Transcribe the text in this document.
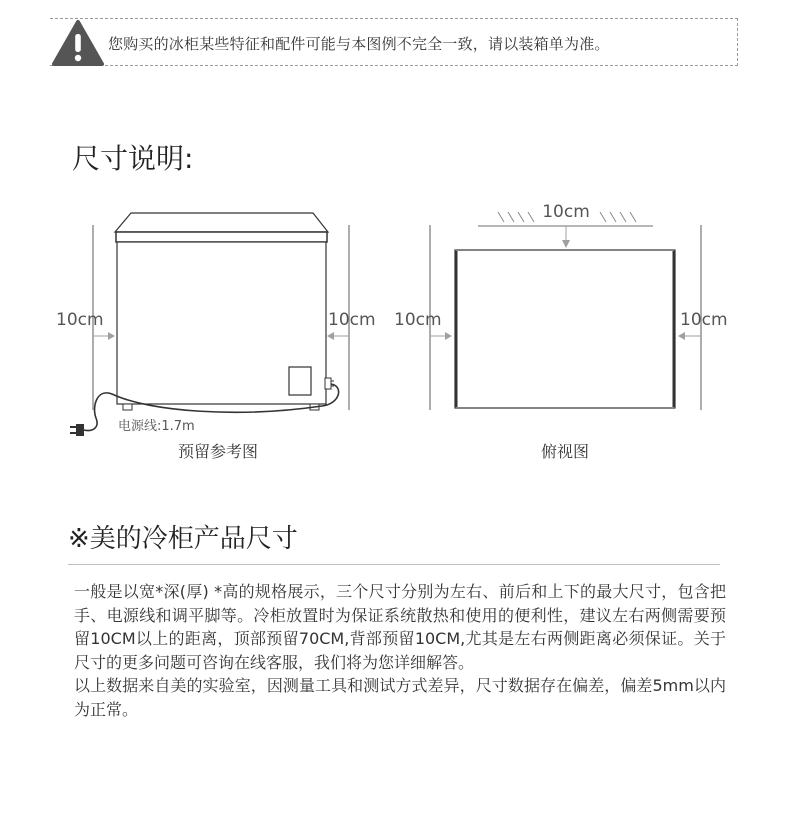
您购买的冰柜某些特征和配件可能与本图例不完全一致，请以装箱单为准。
尺寸说明:
10cm	10cm
电源线:1.7m
预留参考图
10cm
10cm	10cm
俯视图
※美的冷柜产品尺寸

一般是以宽*深(厚) *高的规格展示，三个尺寸分别为左右、前后和上下的最大尺寸，包含把手、电源线和调平脚等。冷柜放置时为保证系统散热和使用的便利性，建议左右两侧需要预留10CM以上的距离，顶部预留70CM,背部预留10CM,尤其是左右两侧距离必须保证。关于尺寸的更多问题可咨询在线客服，我们将为您详细解答。

以上数据来自美的实验室，因测量工具和测试方式差异，尺寸数据存在偏差，偏差5mm以内为正常。
